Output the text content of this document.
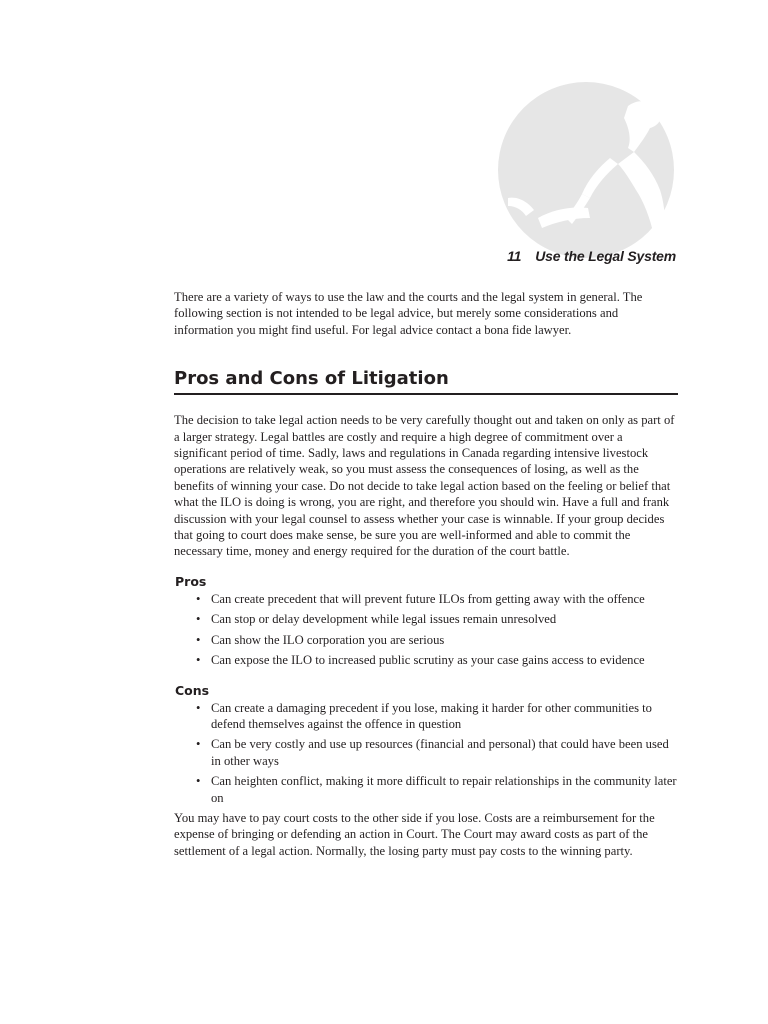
11 Use the Legal System

There are a variety of ways to use the law and the courts and the legal system in general. The following section is not intended to be legal advice, but merely some considerations and information you might find useful. For legal advice contact a bona fide lawyer.

Pros and Cons of Litigation

The decision to take legal action needs to be very carefully thought out and taken on only as part of a larger strategy. Legal battles are costly and require a high degree of commitment over a significant period of time. Sadly, laws and regulations in Canada regarding intensive livestock operations are relatively weak, so you must assess the consequences of losing, as well as the benefits of winning your case. Do not decide to take legal action based on the feeling or belief that what the ILO is doing is wrong, you are right, and therefore you should win. Have a full and frank discussion with your legal counsel to assess whether your case is winnable. If your group decides that going to court does make sense, be sure you are well-informed and able to commit the necessary time, money and energy required for the duration of the court battle.

Pros
• Can create precedent that will prevent future ILOs from getting away with the offence
• Can stop or delay development while legal issues remain unresolved
• Can show the ILO corporation you are serious
• Can expose the ILO to increased public scrutiny as your case gains access to evidence
Cons
• Can create a damaging precedent if you lose, making it harder for other communities to defend themselves against the offence in question
• Can be very costly and use up resources (financial and personal) that could have been used in other ways
• Can heighten conflict, making it more difficult to repair relationships in the community later on

You may have to pay court costs to the other side if you lose. Costs are a reimbursement for the expense of bringing or defending an action in Court. The Court may award costs as part of the settlement of a legal action. Normally, the losing party must pay costs to the winning party.
